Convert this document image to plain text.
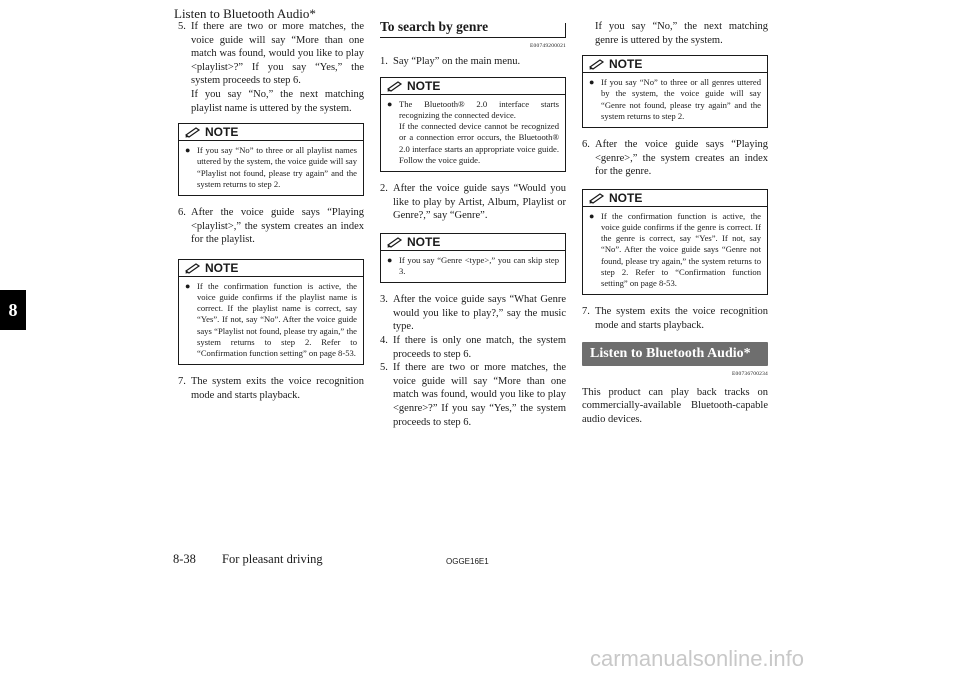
Listen to Bluetooth Audio*
8
5. If there are two or more matches, the voice guide will say “More than one match was found, would you like to play <playlist>?” If you say “Yes,” the system proceeds to step 6.
If you say “No,” the next matching playlist name is uttered by the system.
NOTE
● If you say “No” to three or all playlist names uttered by the system, the voice guide will say “Playlist not found, please try again” and the system returns to step 2.
6. After the voice guide says “Playing <playlist>,” the system creates an index for the playlist.
NOTE
● If the confirmation function is active, the voice guide confirms if the playlist name is correct. If the playlist name is correct, say “Yes”. If not, say “No”. After the voice guide says “Playlist not found, please try again,” the system returns to step 2. Refer to “Confirmation function setting” on page 8-53.
7. The system exits the voice recognition mode and starts playback.
To search by genre
E00749200021
1. Say “Play” on the main menu.
NOTE
● The Bluetooth® 2.0 interface starts recognizing the connected device.
If the connected device cannot be recognized or a connection error occurs, the Bluetooth® 2.0 interface starts an appropriate voice guide. Follow the voice guide.
2. After the voice guide says “Would you like to play by Artist, Album, Playlist or Genre?,” say “Genre”.
NOTE
● If you say “Genre <type>,” you can skip step 3.
3. After the voice guide says “What Genre would you like to play?,” say the music type.
4. If there is only one match, the system proceeds to step 6.
5. If there are two or more matches, the voice guide will say “More than one match was found, would you like to play <genre>?” If you say “Yes,” the system proceeds to step 6.
If you say “No,” the next matching genre is uttered by the system.
NOTE
● If you say “No” to three or all genres uttered by the system, the voice guide will say “Genre not found, please try again” and the system returns to step 2.
6. After the voice guide says “Playing <genre>,” the system creates an index for the genre.
NOTE
● If the confirmation function is active, the voice guide confirms if the genre is correct. If the genre is correct, say “Yes”. If not, say “No”. After the voice guide says “Genre not found, please try again,” the system returns to step 2. Refer to “Confirmation function setting” on page 8-53.
7. The system exits the voice recognition mode and starts playback.
Listen to Bluetooth Audio*
E00736700234
This product can play back tracks on commercially-available Bluetooth-capable audio devices.
8-38 For pleasant driving	OGGE16E1
carmanualsonline.info
